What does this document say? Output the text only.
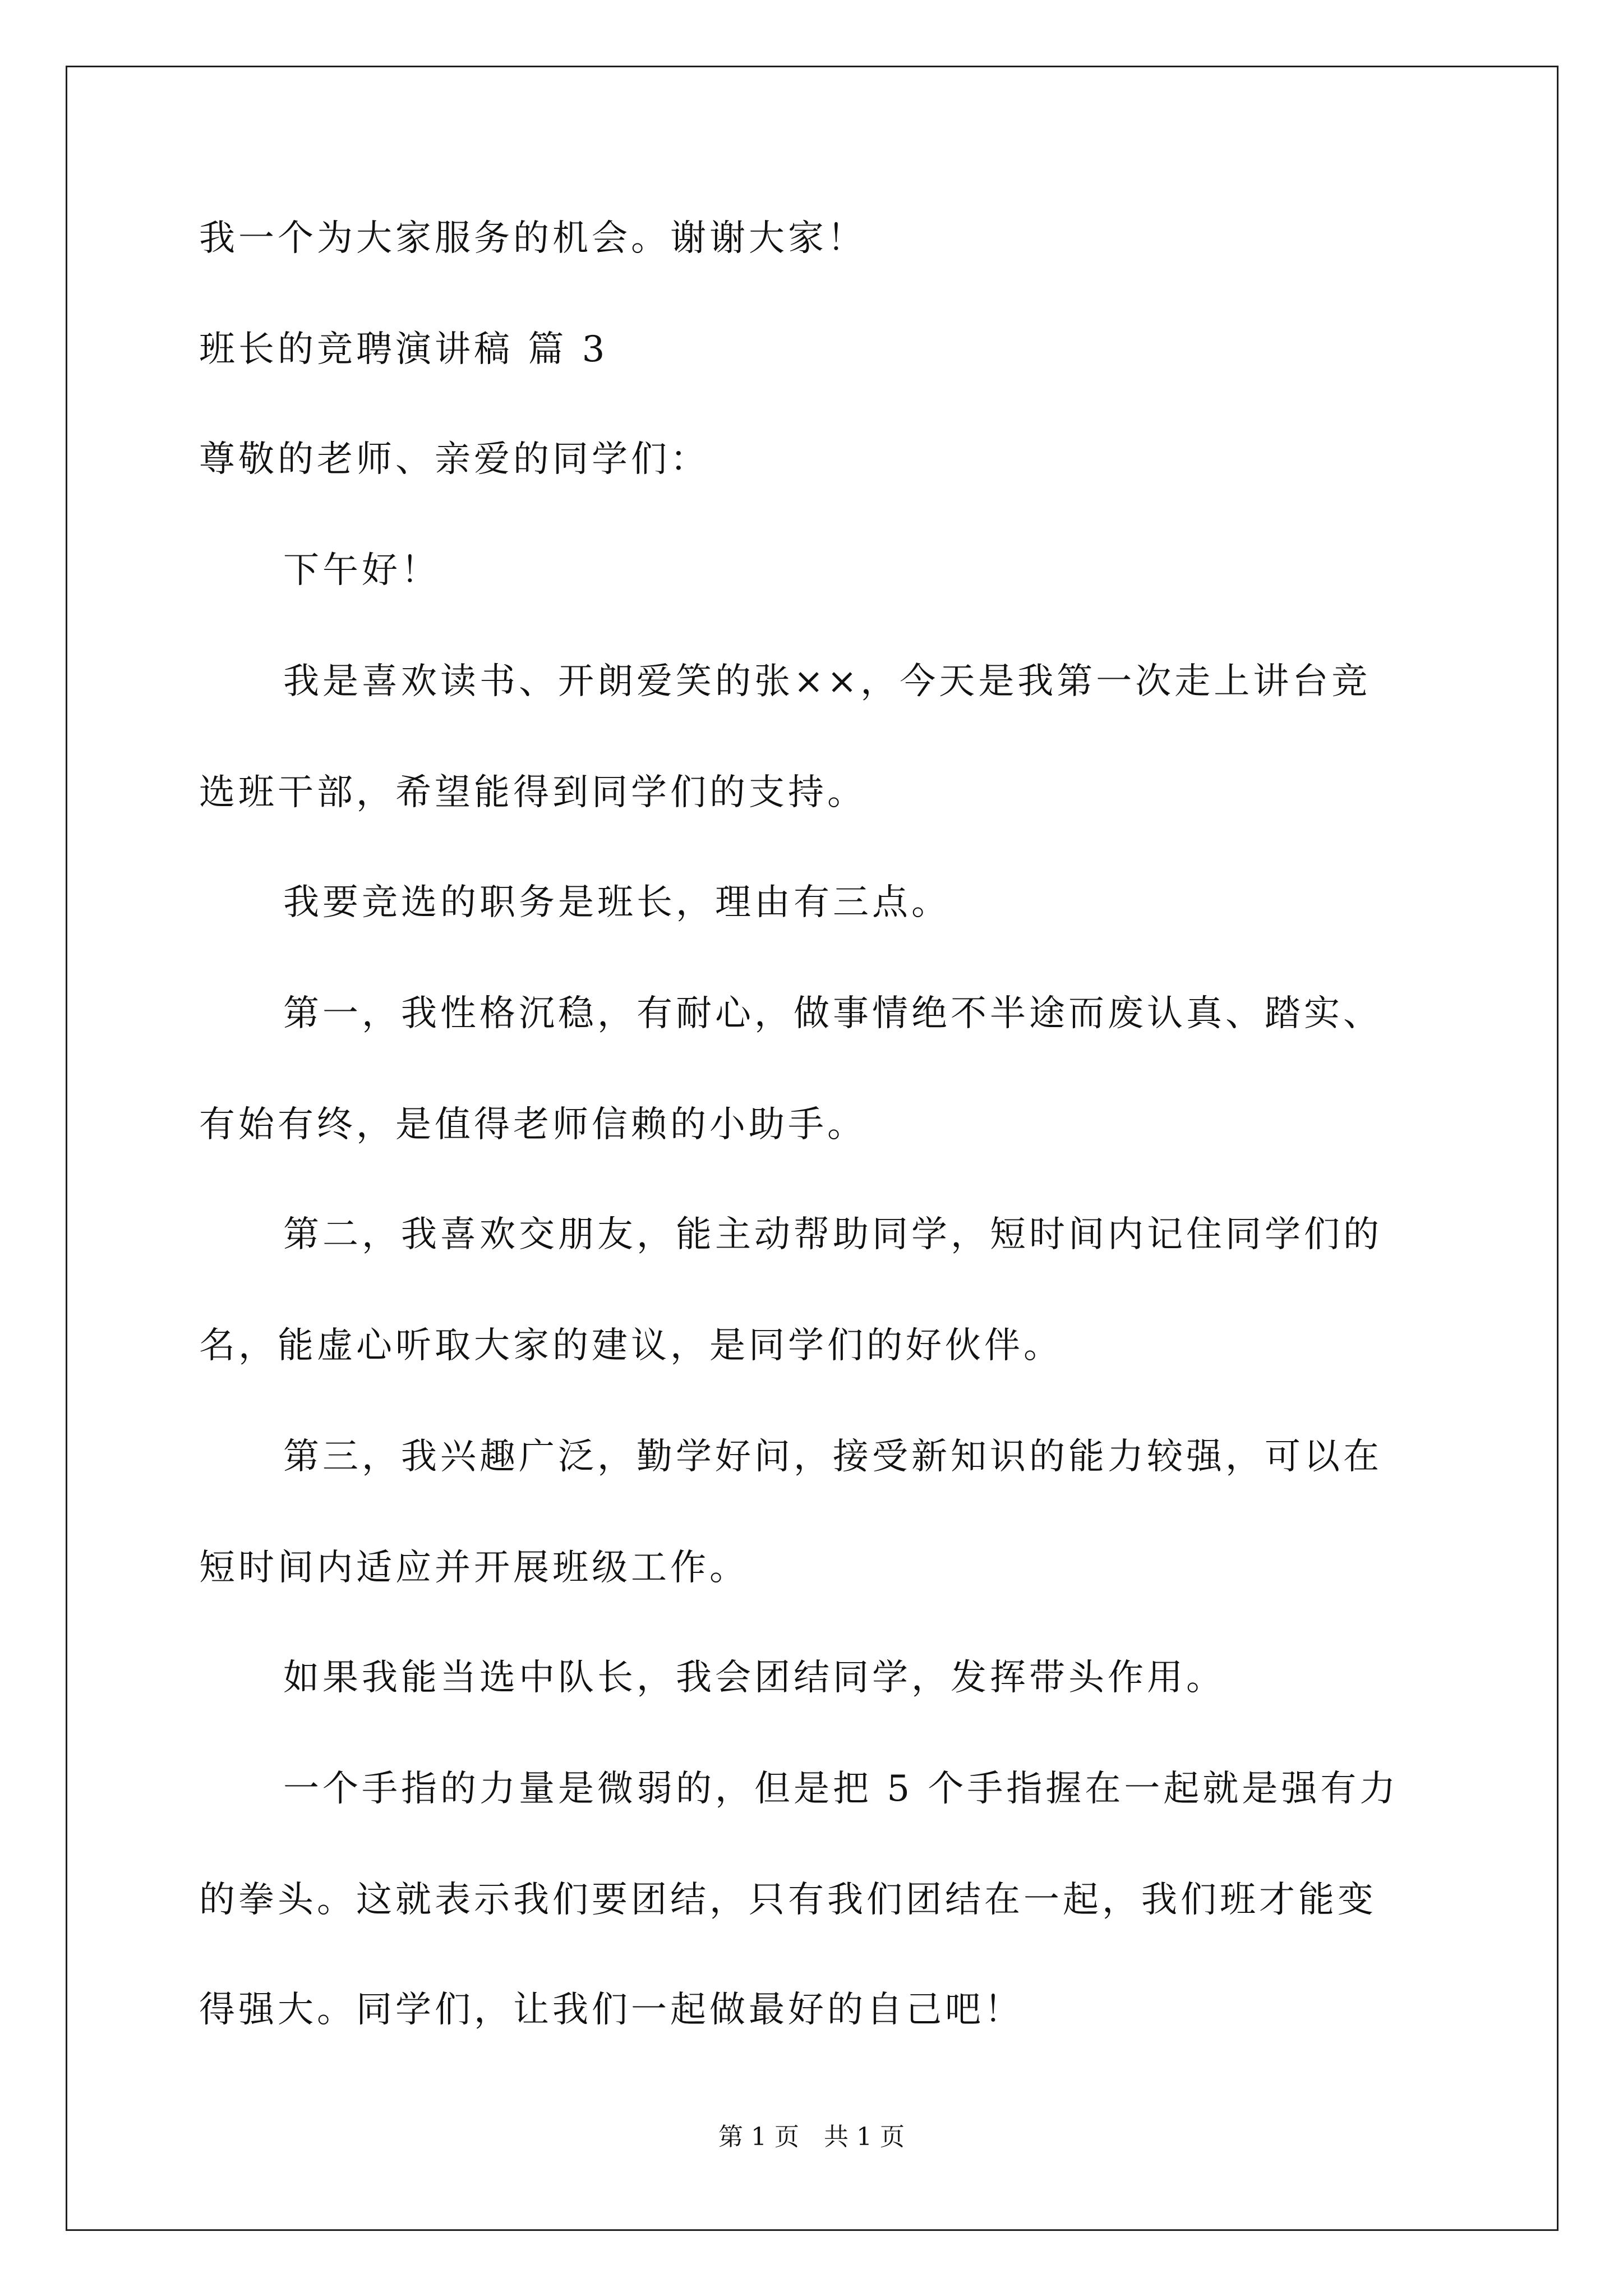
我一个为大家服务的机会。谢谢大家！
班长的竞聘演讲稿 篇 3
尊敬的老师、亲爱的同学们：
下午好！
我是喜欢读书、开朗爱笑的张××，今天是我第一次走上讲台竞
选班干部，希望能得到同学们的支持。
我要竞选的职务是班长，理由有三点。
第一，我性格沉稳，有耐心，做事情绝不半途而废认真、踏实、
有始有终，是值得老师信赖的小助手。
第二，我喜欢交朋友，能主动帮助同学，短时间内记住同学们的
名，能虚心听取大家的建议，是同学们的好伙伴。
第三，我兴趣广泛，勤学好问，接受新知识的能力较强，可以在
短时间内适应并开展班级工作。
如果我能当选中队长，我会团结同学，发挥带头作用。
一个手指的力量是微弱的，但是把 5 个手指握在一起就是强有力
的拳头。这就表示我们要团结，只有我们团结在一起，我们班才能变
得强大。同学们，让我们一起做最好的自己吧！
第 1 页　共 1 页
